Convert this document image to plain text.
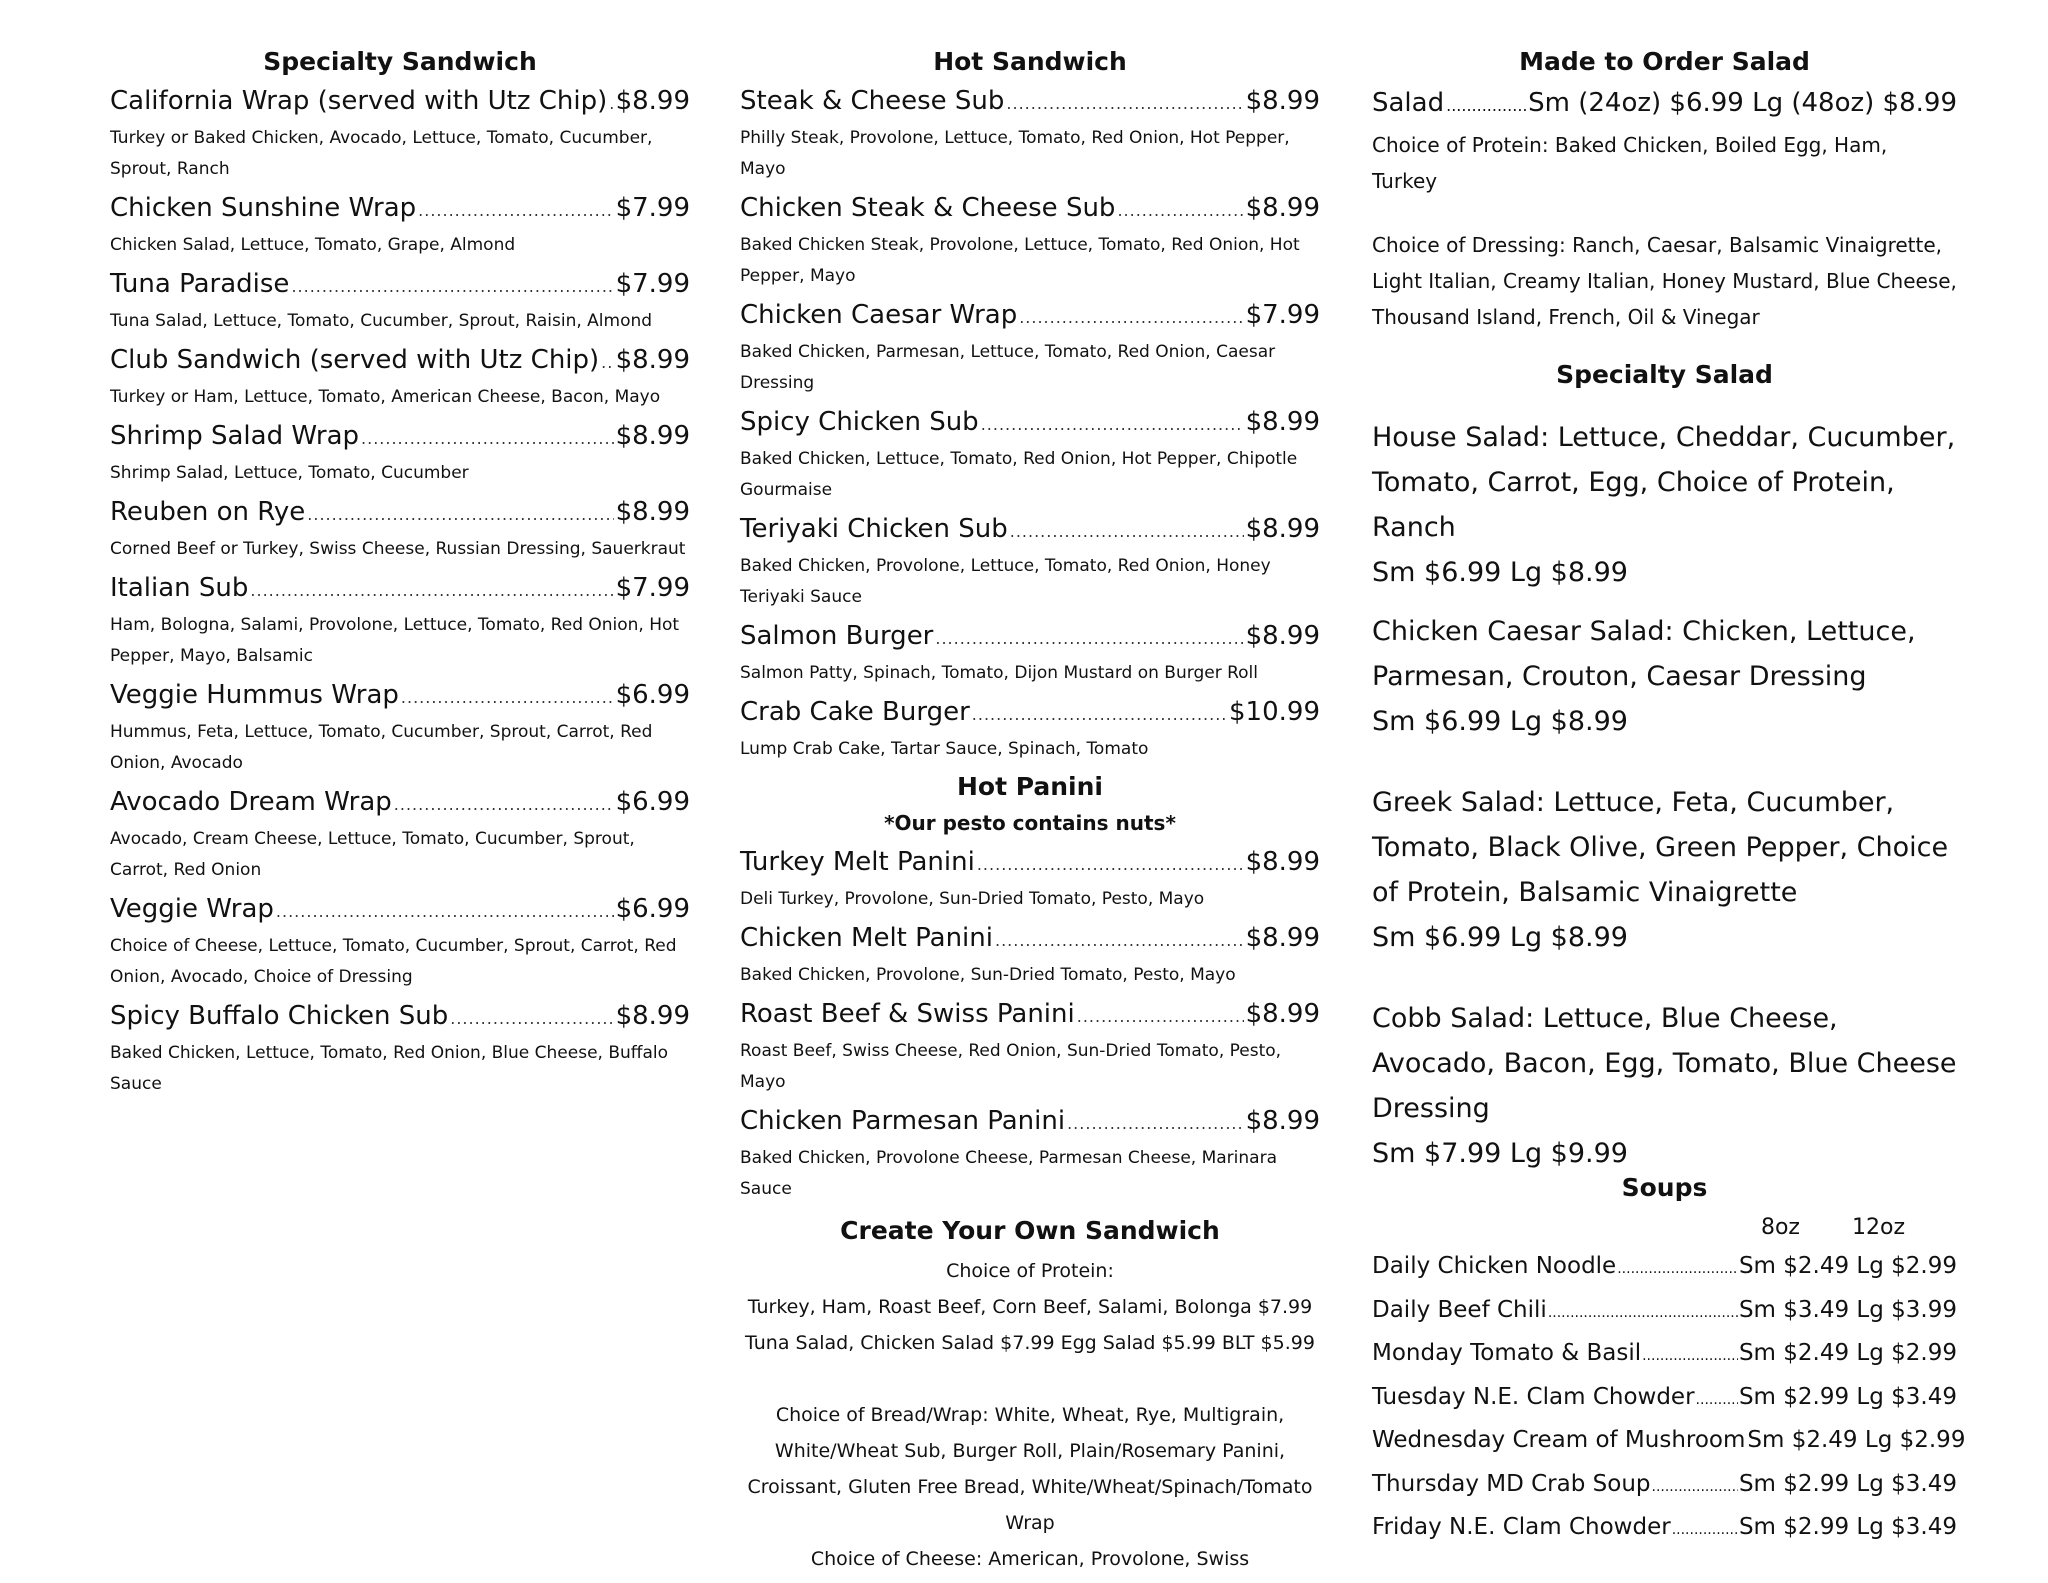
Specialty Sandwich
California Wrap (served with Utz Chip) ..... $8.99
Turkey or Baked Chicken, Avocado, Lettuce, Tomato, Cucumber, Sprout, Ranch
Chicken Sunshine Wrap .....	$7.99
Chicken Salad, Lettuce, Tomato, Grape, Almond
Tuna Paradise .....	$7.99
Tuna Salad, Lettuce, Tomato, Cucumber, Sprout, Raisin, Almond
Club Sandwich (served with Utz Chip) ..... $8.99
Turkey or Ham, Lettuce, Tomato, American Cheese, Bacon, Mayo
Shrimp Salad Wrap .....	$8.99
Shrimp Salad, Lettuce, Tomato, Cucumber
Reuben on Rye .....	$8.99
Corned Beef or Turkey, Swiss Cheese, Russian Dressing, Sauerkraut
Italian Sub .....	$7.99
Ham, Bologna, Salami, Provolone, Lettuce, Tomato, Red Onion, Hot Pepper, Mayo, Balsamic
Veggie Hummus Wrap .....	$6.99
Hummus, Feta, Lettuce, Tomato, Cucumber, Sprout, Carrot, Red Onion, Avocado
Avocado Dream Wrap .....	$6.99
Avocado, Cream Cheese, Lettuce, Tomato, Cucumber, Sprout, Carrot, Red Onion
Veggie Wrap .....	$6.99
Choice of Cheese, Lettuce, Tomato, Cucumber, Sprout, Carrot, Red Onion, Avocado, Choice of Dressing
Spicy Buffalo Chicken Sub .....	$8.99
Baked Chicken, Lettuce, Tomato, Red Onion, Blue Cheese, Buffalo Sauce
Hot Sandwich
Steak & Cheese Sub .....	$8.99
Philly Steak, Provolone, Lettuce, Tomato, Red Onion, Hot Pepper, Mayo
Chicken Steak & Cheese Sub .....	$8.99
Baked Chicken Steak, Provolone, Lettuce, Tomato, Red Onion, Hot Pepper, Mayo
Chicken Caesar Wrap .....	$7.99
Baked Chicken, Parmesan, Lettuce, Tomato, Red Onion, Caesar Dressing
Spicy Chicken Sub .....	$8.99
Baked Chicken, Lettuce, Tomato, Red Onion, Hot Pepper, Chipotle Gourmaise
Teriyaki Chicken Sub .....	$8.99
Baked Chicken, Provolone, Lettuce, Tomato, Red Onion, Honey Teriyaki Sauce
Salmon Burger .....	$8.99
Salmon Patty, Spinach, Tomato, Dijon Mustard on Burger Roll
Crab Cake Burger .....	$10.99
Lump Crab Cake, Tartar Sauce, Spinach, Tomato
Hot Panini
*Our pesto contains nuts*
Turkey Melt Panini .....	$8.99
Deli Turkey, Provolone, Sun-Dried Tomato, Pesto, Mayo
Chicken Melt Panini .....	$8.99
Baked Chicken, Provolone, Sun-Dried Tomato, Pesto, Mayo
Roast Beef & Swiss Panini .....	$8.99
Roast Beef, Swiss Cheese, Red Onion, Sun-Dried Tomato, Pesto, Mayo
Chicken Parmesan Panini .....	$8.99
Baked Chicken, Provolone Cheese, Parmesan Cheese, Marinara Sauce
Create Your Own Sandwich
Choice of Protein:
Turkey, Ham, Roast Beef, Corn Beef, Salami, Bolonga $7.99
Tuna Salad, Chicken Salad $7.99 Egg Salad $5.99 BLT $5.99
Choice of Bread/Wrap: White, Wheat, Rye, Multigrain, White/Wheat Sub, Burger Roll, Plain/Rosemary Panini, Croissant, Gluten Free Bread, White/Wheat/Spinach/Tomato Wrap
Choice of Cheese: American, Provolone, Swiss
Made to Order Salad
Salad .....	Sm (24oz) $6.99 Lg (48oz) $8.99
Choice of Protein: Baked Chicken, Boiled Egg, Ham, Turkey
Choice of Dressing: Ranch, Caesar, Balsamic Vinaigrette, Light Italian, Creamy Italian, Honey Mustard, Blue Cheese, Thousand Island, French, Oil & Vinegar
Specialty Salad

House Salad: Lettuce, Cheddar, Cucumber, Tomato, Carrot, Egg, Choice of Protein, Ranch

Sm $6.99 Lg $8.99

Chicken Caesar Salad: Chicken, Lettuce, Parmesan, Crouton, Caesar Dressing

Sm $6.99 Lg $8.99

Greek Salad: Lettuce, Feta, Cucumber, Tomato, Black Olive, Green Pepper, Choice of Protein, Balsamic Vinaigrette

Sm $6.99 Lg $8.99

Cobb Salad: Lettuce, Blue Cheese, Avocado, Bacon, Egg, Tomato, Blue Cheese Dressing

Sm $7.99 Lg $9.99

Soups
8oz 12oz
Daily Chicken Noodle .....	Sm $2.49 Lg $2.99
Daily Beef Chili .....	Sm $3.49 Lg $3.99
Monday Tomato & Basil .....	Sm $2.49 Lg $2.99
Tuesday N.E. Clam Chowder ..... Sm $2.99 Lg $3.49
Wednesday Cream of Mushroom Sm $2.49 Lg $2.99
Thursday MD Crab Soup .....	Sm $2.99 Lg $3.49
Friday N.E. Clam Chowder .....	Sm $2.99 Lg $3.49
